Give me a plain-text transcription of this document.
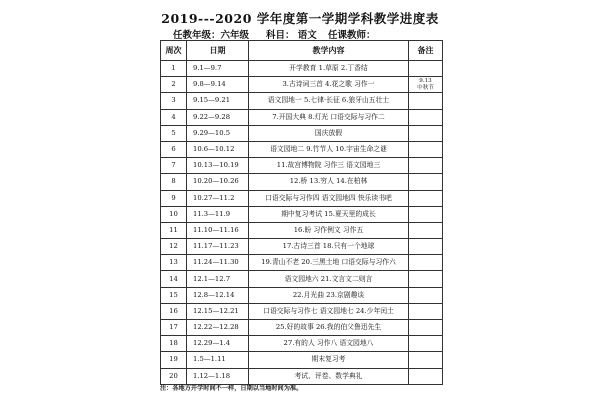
2019---2020 学年度第一学期学科教学进度表
任教年级：六年级 科目： 语文 任课教师：
周次	日期	教学内容	备注
1	9.1—9.7	开学教育 1.草原 2.丁香结	
2	9.8—9.14	3.古诗词三首 4.花之歌 习作一	9.13
中秋节
3	9.15—9.21	语文园地一 5.七律·长征 6.狼牙山五壮士	
4	9.22—9.28	7.开国大典 8.灯光 口语交际与习作二	
5	9.29—10.5	国庆放假	
6	10.6—10.12	语文园地二 9.竹节人 10.宇宙生命之谜	
7	10.13—10.19	11.故宫博物院 习作三 语文园地三	
8	10.20—10.26	12.桥 13.穷人 14.在柏林	
9	10.27—11.2	口语交际与习作四 语文园地四 快乐读书吧	
10	11.3—11.9	期中复习考试 15.夏天里的成长	
11	11.10—11.16	16.盼 习作例文 习作五	
12	11.17—11.23	17.古诗三首 18.只有一个地球	
13	11.24—11.30	19.青山不老 20.三黑土地 口语交际与习作六	
14	12.1—12.7	语文园地六 21.文言文二则言	
15	12.8—12.14	22.月光曲 23.京剧趣谈	
16	12.15—12.21	口语交际与习作七 语文园地七 24.少年闰土	
17	12.22—12.28	25.好的故事 26.我的伯父鲁迅先生	
18	12.29—1.4	27.有的人 习作八 语文园地八	
19	1.5—1.11	期末复习考	
20	1.12—1.18	考试、评卷、数学典礼	
注：各地方开学时间不一样，日期以当地时间为准。
